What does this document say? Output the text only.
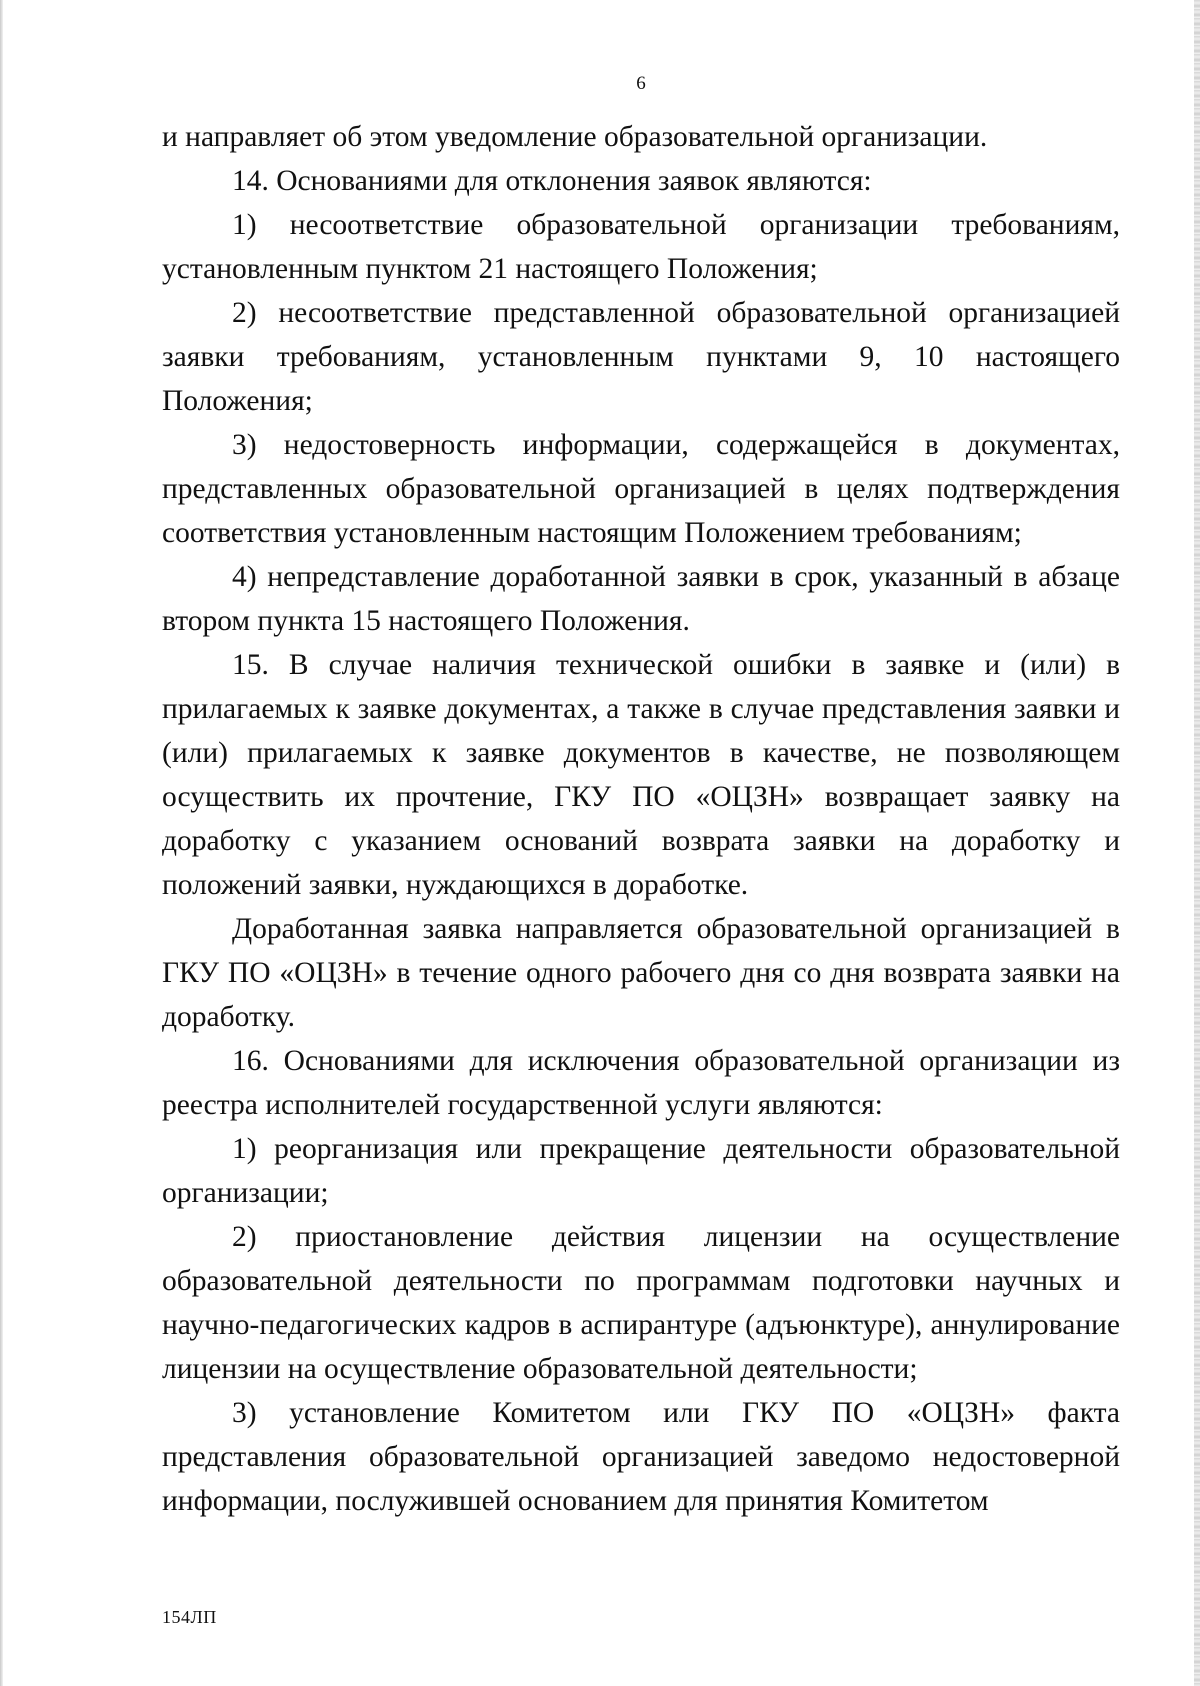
6

и направляет об этом уведомление образовательной организации.

14. Основаниями для отклонения заявок являются:

1) несоответствие образовательной организации требованиям, установленным пунктом 21 настоящего Положения;

2) несоответствие представленной образовательной организацией заявки требованиям, установленным пунктами 9, 10 настоящего Положения;

3) недостоверность информации, содержащейся в документах, представленных образовательной организацией в целях подтверждения соответствия установленным настоящим Положением требованиям;

4) непредставление доработанной заявки в срок, указанный в абзаце втором пункта 15 настоящего Положения.

15. В случае наличия технической ошибки в заявке и (или) в прилагаемых к заявке документах, а также в случае представления заявки и (или) прилагаемых к заявке документов в качестве, не позволяющем осуществить их прочтение, ГКУ ПО «ОЦЗН» возвращает заявку на доработку с указанием оснований возврата заявки на доработку и положений заявки, нуждающихся в доработке.

Доработанная заявка направляется образовательной организацией в ГКУ ПО «ОЦЗН» в течение одного рабочего дня со дня возврата заявки на доработку.

16. Основаниями для исключения образовательной организации из реестра исполнителей государственной услуги являются:

1) реорганизация или прекращение деятельности образовательной организации;

2) приостановление действия лицензии на осуществление образовательной деятельности по программам подготовки научных и научно-педагогических кадров в аспирантуре (адъюнктуре), аннулирование лицензии на осуществление образовательной деятельности;

3) установление Комитетом или ГКУ ПО «ОЦЗН» факта представления образовательной организацией заведомо недостоверной информации, послужившей основанием для принятия Комитетом

154ЛП
